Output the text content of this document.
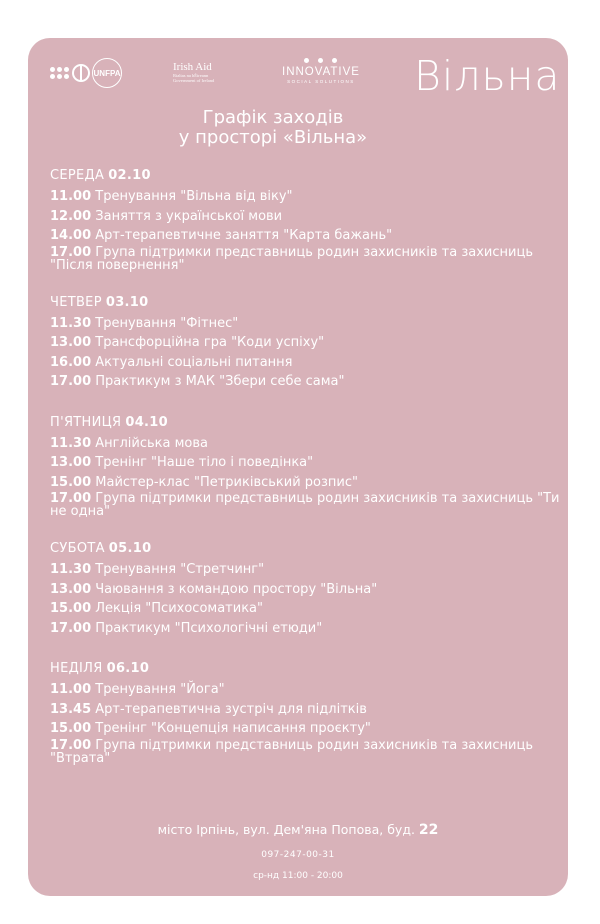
UNFPA	Irish Aid
Rialtas na hÉireann
Government of Ireland
INNOVATIVE
SOCIAL SOLUTIONS Вільна
Графік заходів
у просторі «Вільна»
СЕРЕДА 02.10
11.00 Тренування "Вільна від віку"
12.00 Заняття з української мови
14.00 Арт-терапевтичне заняття "Карта бажань"
17.00 Група підтримки представниць родин захисників та захисниць "Після повернення"
ЧЕТВЕР 03.10
11.30 Тренування "Фітнес"
13.00 Трансфорційна гра "Коди успіху"
16.00 Актуальні соціальні питання
17.00 Практикум з МАК "Збери себе сама"
П'ЯТНИЦЯ 04.10
11.30 Англійська мова
13.00 Тренінг "Наше тіло і поведінка"
15.00 Майстер-клас "Петриківський розпис"
17.00 Група підтримки представниць родин захисників та захисниць "Ти не одна"
СУБОТА 05.10
11.30 Тренування "Стретчинг"
13.00 Чаювання з командою простору "Вільна"
15.00 Лекція "Психосоматика"
17.00 Практикум "Психологічні етюди"
НЕДІЛЯ 06.10
11.00 Тренування "Йога"
13.45 Арт-терапевтична зустріч для підлітків
15.00 Тренінг "Концепція написання проєкту"
17.00 Група підтримки представниць родин захисників та захисниць "Втрата"
місто Ірпінь, вул. Дем'яна Попова, буд. 22
097-247-00-31
ср-нд 11:00 - 20:00
